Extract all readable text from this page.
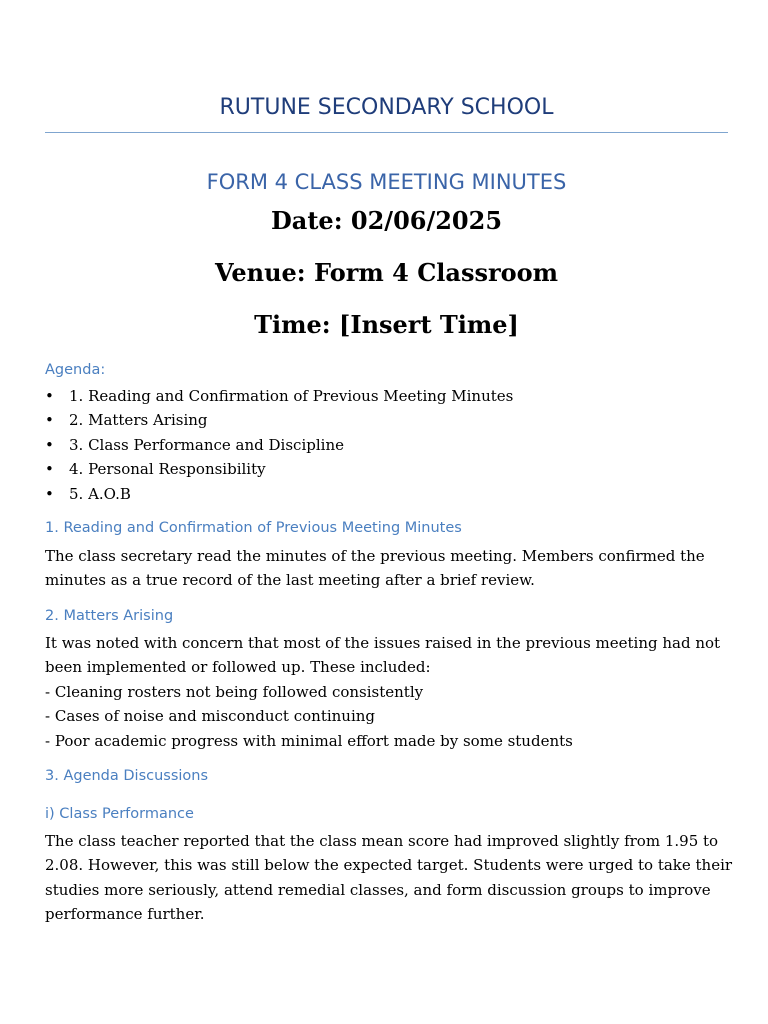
RUTUNE SECONDARY SCHOOL
FORM 4 CLASS MEETING MINUTES
Date: 02/06/2025
Venue: Form 4 Classroom
Time: [Insert Time]
Agenda:
• 1. Reading and Confirmation of Previous Meeting Minutes
• 2. Matters Arising
• 3. Class Performance and Discipline
• 4. Personal Responsibility
• 5. A.O.B
1. Reading and Confirmation of Previous Meeting Minutes

The class secretary read the minutes of the previous meeting. Members confirmed the
minutes as a true record of the last meeting after a brief review.

2. Matters Arising

It was noted with concern that most of the issues raised in the previous meeting had not
been implemented or followed up. These included:
- Cleaning rosters not being followed consistently
- Cases of noise and misconduct continuing
- Poor academic progress with minimal effort made by some students

3. Agenda Discussions
i) Class Performance

The class teacher reported that the class mean score had improved slightly from 1.95 to
2.08. However, this was still below the expected target. Students were urged to take their
studies more seriously, attend remedial classes, and form discussion groups to improve
performance further.
